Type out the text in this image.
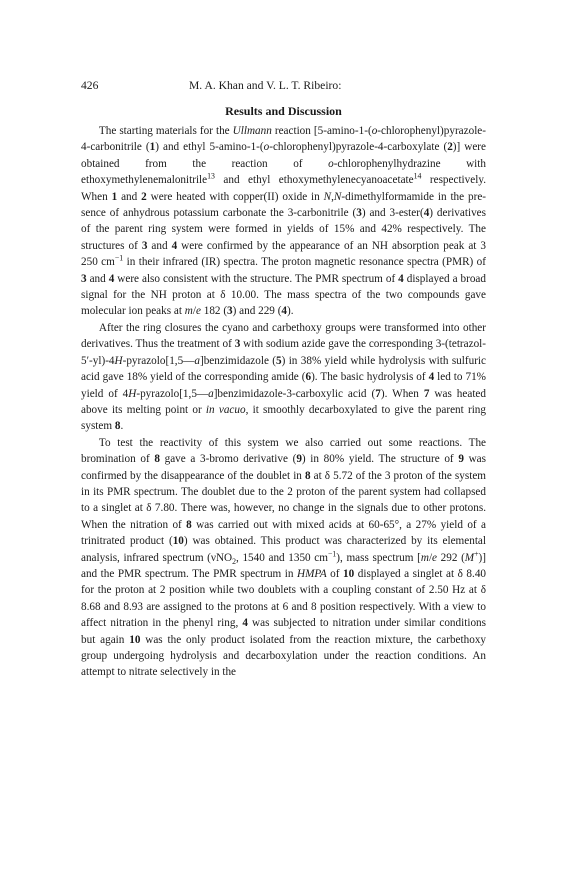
426	M. A. Khan and V. L. T. Ribeiro:
Results and Discussion

The starting materials for the Ullmann reaction [5-amino-1-(o-chlorophenyl)pyrazole-4-carbonitrile (1) and ethyl 5-amino-1-(o-chlorophenyl)pyrazole-4-carboxylate (2)] were obtained from the reaction of o-chlorophenylhydrazine with ethoxymethylenemalonitrile$^{13}$ and ethyl ethoxymethylenecyanoacetate$^{14}$ respectively. When 1 and 2 were heated with copper(II) oxide in N,N-dimethylformamide in the presence of anhydrous potassium carbonate the 3-carbonitrile (3) and 3-ester(4) derivatives of the parent ring system were formed in yields of 15% and 42% respectively. The structures of 3 and 4 were confirmed by the appearance of an NH absorption peak at 3 250 $cm^{-1}$ in their infrared (IR) spectra. The proton magnetic resonance spectra (PMR) of 3 and 4 were also consistent with the structure. The PMR spectrum of 4 displayed a broad signal for the NH proton at δ 10.00. The mass spectra of the two compounds gave molecular ion peaks at m/e 182 (3) and 229 (4).

After the ring closures the cyano and carbethoxy groups were transformed into other derivatives. Thus the treatment of 3 with sodium azide gave the corresponding 3-(tetrazol-5′-yl)-4H-pyrazolo[1,5—a]benzimidazole (5) in 38% yield while hydrolysis with sulfuric acid gave 18% yield of the corresponding amide (6). The basic hydrolysis of 4 led to 71% yield of 4H-pyrazolo[1,5—a]benzimidazole-3-carboxylic acid (7). When 7 was heated above its melting point or in vacuo, it smoothly decarboxylated to give the parent ring system 8.

To test the reactivity of this system we also carried out some reactions. The bromination of 8 gave a 3-bromo derivative (9) in 80% yield. The structure of 9 was confirmed by the disappearance of the doublet in 8 at δ 5.72 of the 3 proton of the system in its PMR spectrum. The doublet due to the 2 proton of the parent system had collapsed to a singlet at δ 7.80. There was, however, no change in the signals due to other protons. When the nitration of 8 was carried out with mixed acids at 60-65°, a 27% yield of a trinitrated product (10) was obtained. This product was characterized by its elemental analysis, infrared spectrum (νNO$_2$, 1540 and 1350 $cm^{-1}$), mass spectrum [m/e 292 (M+)] and the PMR spectrum. The PMR spectrum in HMPA of 10 displayed a singlet at δ 8.40 for the proton at 2 position while two doublets with a coupling constant of 2.50 Hz at δ 8.68 and 8.93 are assigned to the protons at 6 and 8 position respectively. With a view to affect nitration in the phenyl ring, 4 was subjected to nitration under similar conditions but again 10 was the only product isolated from the reaction mixture, the carbethoxy group undergoing hydrolysis and decarboxylation under the reaction conditions. An attempt to nitrate selectively in the
